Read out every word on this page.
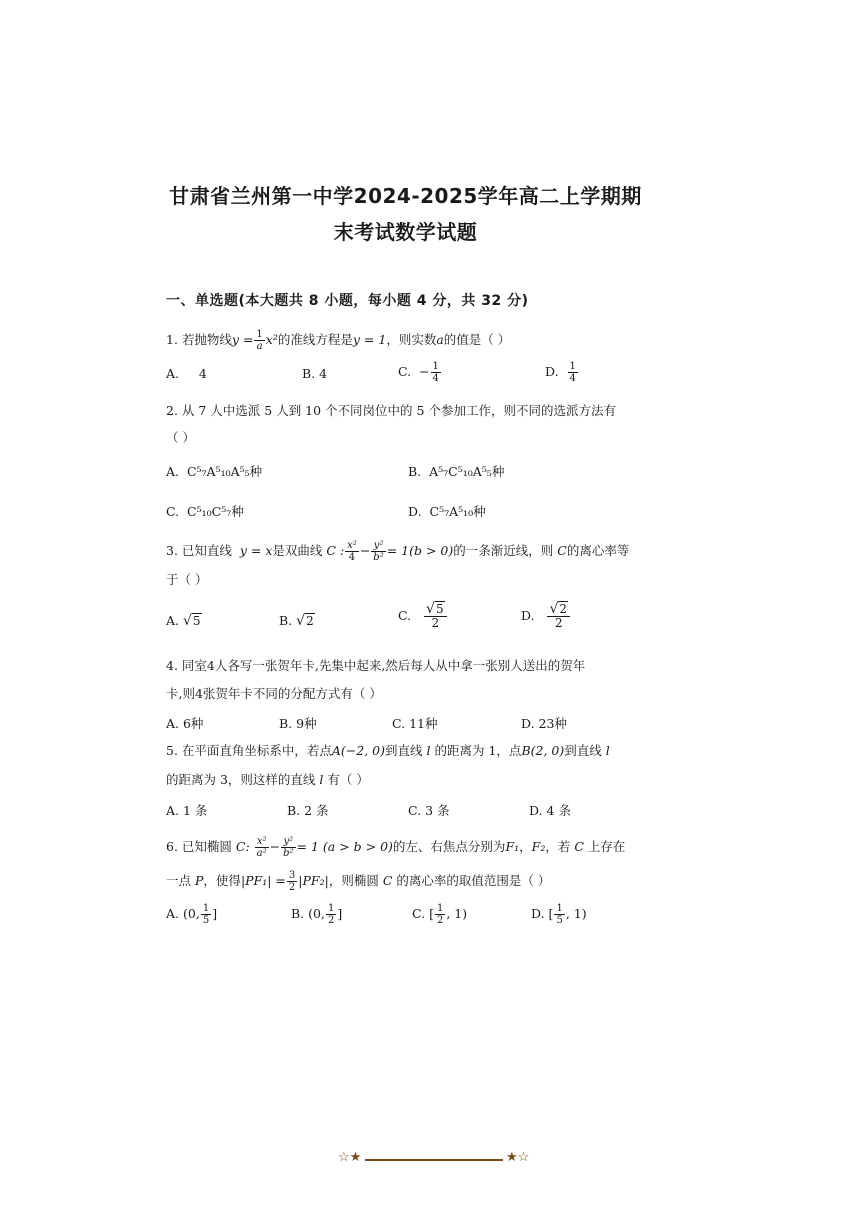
甘肃省兰州第一中学2024-2025学年高二上学期期
末考试数学试题
一、单选题(本大题共 8 小题，每小题 4 分，共 32 分)
1. 若抛物线$y = \frac{1}{a} x^2$的准线方程是y = 1，则实数a的值是（ ）
A. 4	B. 4	C. − $\frac{1}{4}$	D. $\frac{1}{4}$
2. 从 7 人中选派 5 人到 10 个不同岗位中的 5 个参加工作，则不同的选派方法有
（ ）
A. C⁵₇A⁵₁₀A⁵₅种	B. A⁵₇C⁵₁₀A⁵₅种
C. C⁵₁₀C⁵₇种	D. C⁵₇A⁵₁₀种
3. 已知直线 y = x是双曲线 C : $\frac{\text{x²}}{4} - \frac{\text{y²}}{\text{b²}} = 1(b > 0)$的一条渐近线，则 C的离心率等
于（ ）
A. √5	B. √2	C. $\frac{√5}{2}$	D. $\frac{√2}{2}$
4. 同室4人各写一张贺年卡,先集中起来,然后每人从中拿一张别人送出的贺年
卡,则4张贺年卡不同的分配方式有（ ）
A. 6种	B. 9种	C. 11种	D. 23种
5. 在平面直角坐标系中，若点A(−2, 0)到直线 l 的距离为 1，点B(2, 0)到直线 l
的距离为 3，则这样的直线 l 有（ ）
A. 1 条	B. 2 条	C. 3 条	D. 4 条
6. 已知椭圆 C: $\frac{\text{x²}}{\text{a²}} - \frac{\text{y²}}{\text{b²}} = 1$ (a > b > 0)的左、右焦点分别为F₁，F₂，若 C 上存在
一点 P，使得$|PF_1| = \frac{3}{2} |PF_2|$，则椭圆 C 的离心率的取值范围是（ ）
A. (0, $\frac{1}{5}$ ]	B. (0, $\frac{1}{2}$ ]	C. [ $\frac{1}{2}$ , 1)	D. [ $\frac{1}{5}$ , 1)
☆★	★☆
